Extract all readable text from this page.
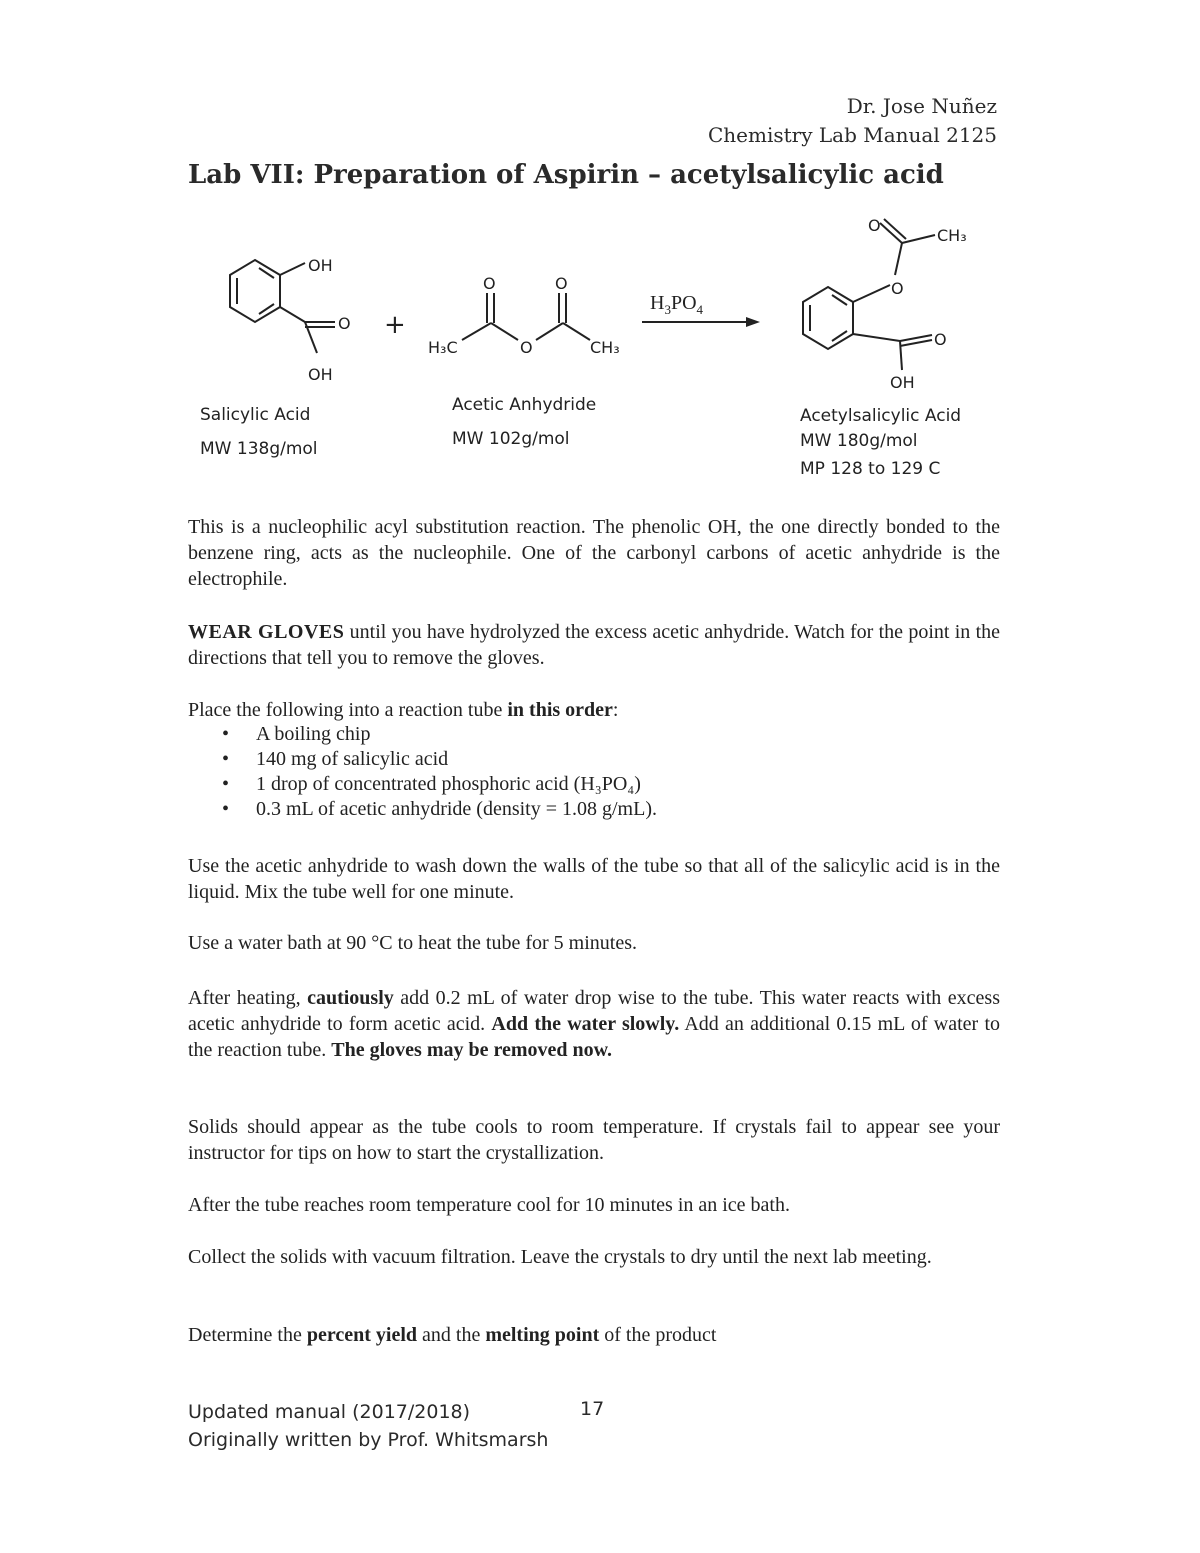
Dr. Jose Nuñez
Chemistry Lab Manual 2125
Lab VII: Preparation of Aspirin – acetylsalicylic acid
OH
O
OH
+
O	O
H₃C	O	CH₃
$H_3PO_4$
O
CH₃
O
O
OH
Salicylic Acid
MW 138g/mol
Acetic Anhydride
MW 102g/mol
Acetylsalicylic Acid
MW 180g/mol
MP 128 to 129 C

This is a nucleophilic acyl substitution reaction. The phenolic OH, the one directly bonded to the benzene ring, acts as the nucleophile. One of the carbonyl carbons of acetic anhydride is the electrophile.

WEAR GLOVES until you have hydrolyzed the excess acetic anhydride. Watch for the point in the directions that tell you to remove the gloves.

Place the following into a reaction tube in this order:

• A boiling chip
• 140 mg of salicylic acid
• 1 drop of concentrated phosphoric acid (H₃PO₄)
• 0.3 mL of acetic anhydride (density = 1.08 g/mL).

Use the acetic anhydride to wash down the walls of the tube so that all of the salicylic acid is in the liquid. Mix the tube well for one minute.

Use a water bath at 90 °C to heat the tube for 5 minutes.

After heating, cautiously add 0.2 mL of water drop wise to the tube. This water reacts with excess acetic anhydride to form acetic acid. Add the water slowly. Add an additional 0.15 mL of water to the reaction tube. The gloves may be removed now.

Solids should appear as the tube cools to room temperature. If crystals fail to appear see your instructor for tips on how to start the crystallization.

After the tube reaches room temperature cool for 10 minutes in an ice bath.

Collect the solids with vacuum filtration. Leave the crystals to dry until the next lab meeting.

Determine the percent yield and the melting point of the product

Updated manual (2017/2018)
Originally written by Prof. Whitsmarsh
17
